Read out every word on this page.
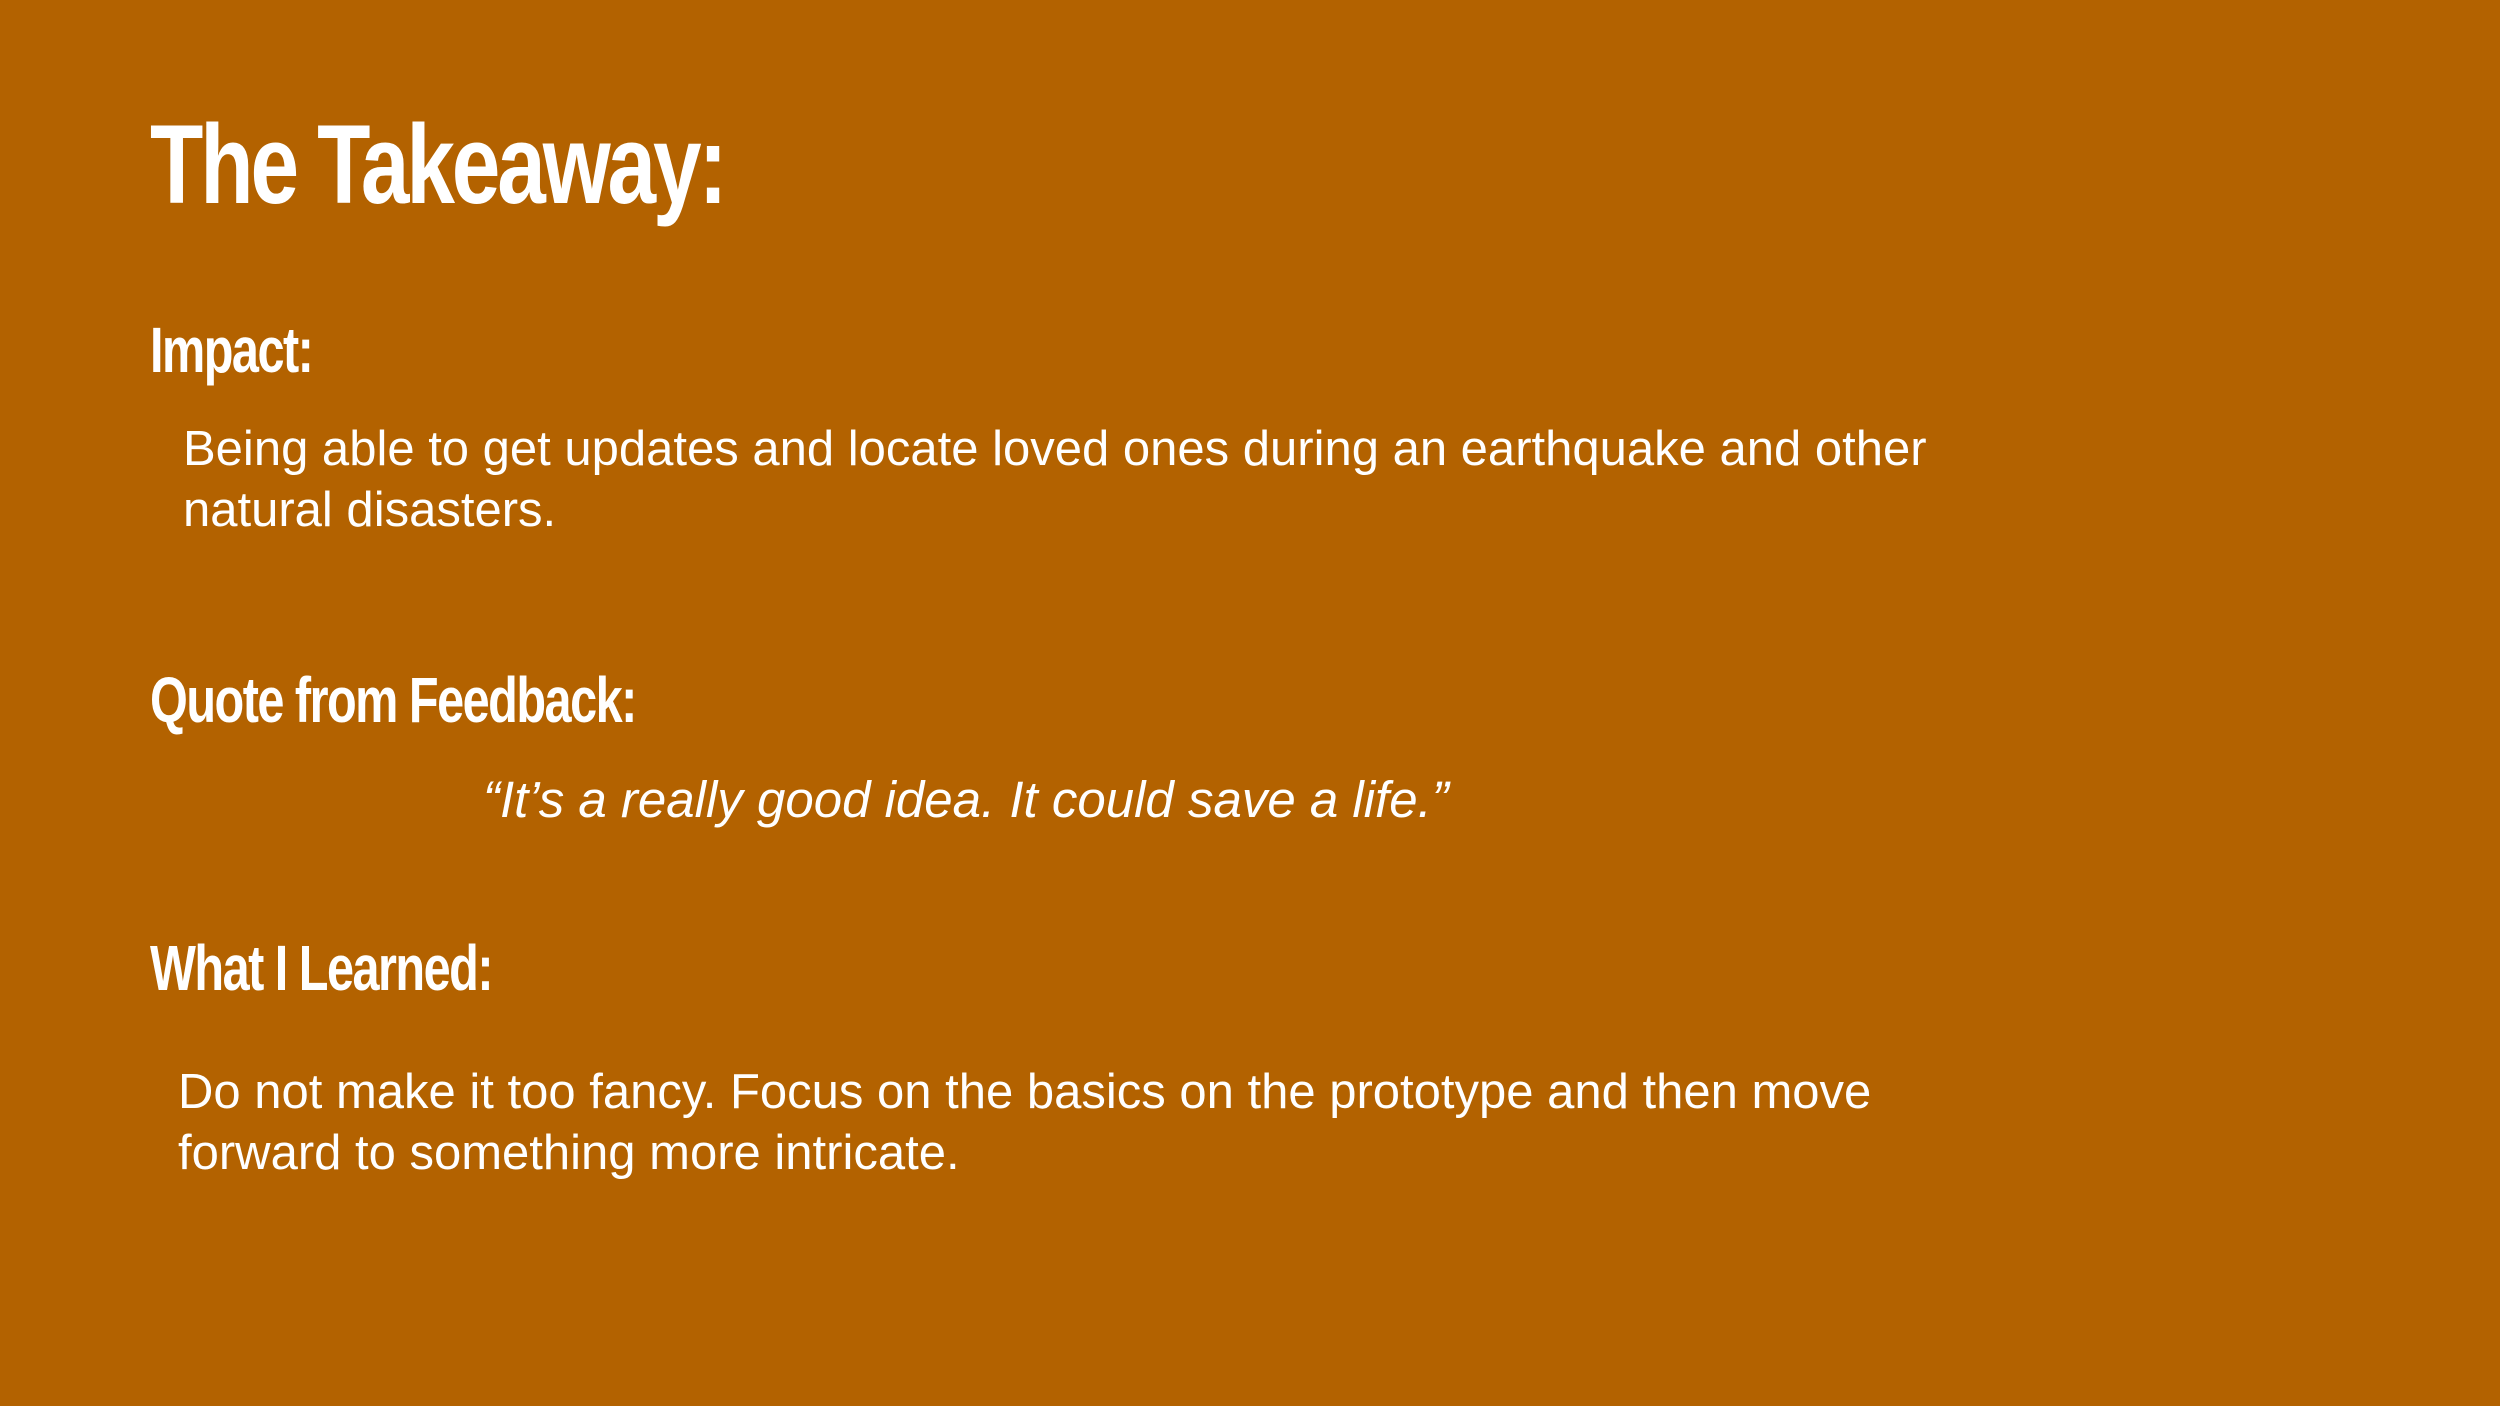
The Takeaway:
Impact:

Being able to get updates and locate loved ones during an earthquake and other natural disasters.

Quote from Feedback:

“It’s a really good idea. It could save a life.”

What I Learned:

Do not make it too fancy. Focus on the basics on the prototype and then move forward to something more intricate.
